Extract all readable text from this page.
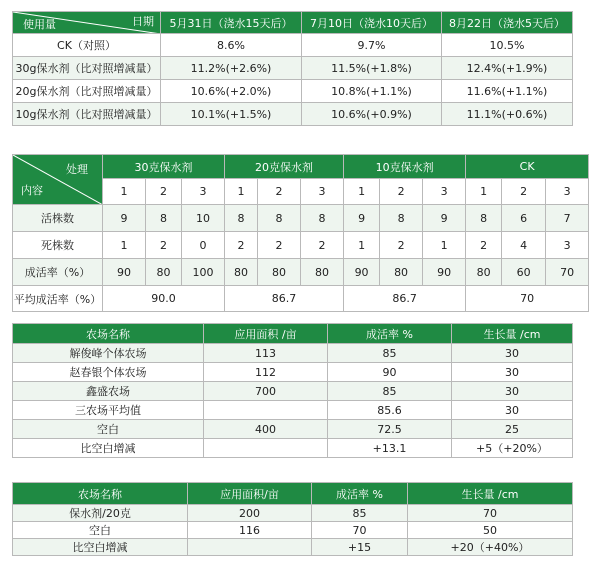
日期
使用量	5月31日（浇水15天后）	7月10日（浇水10天后）	8月22日（浇水5天后）
CK（对照）	8.6%	9.7%	10.5%
30g保水剂（比对照增减量）	11.2%(+2.6%)	11.5%(+1.8%)	12.4%(+1.9%)
20g保水剂（比对照增减量）	10.6%(+2.0%)	10.8%(+1.1%)	11.6%(+1.1%)
10g保水剂（比对照增减量）	10.1%(+1.5%)	10.6%(+0.9%)	11.1%(+0.6%)
处理
内容	30克保水剂			20克保水剂			10克保水剂			CK		
	1	2	3	1	2	3	1	2	3	1	2	3
活株数	9	8	10	8	8	8	9	8	9	8	6	7
死株数	1	2	0	2	2	2	1	2	1	2	4	3
成活率（%）	90	80	100	80	80	80	90	80	90	80	60	70
平均成活率（%）	90.0			86.7			86.7			70		
农场名称	应用面积 /亩	成活率 %	生长量 /cm
解俊峰个体农场	113	85	30
赵春银个体农场	112	90	30
鑫盛农场	700	85	30
三农场平均值		85.6	30
空白	400	72.5	25
比空白增减		+13.1	+5（+20%）
农场名称	应用面积/亩	成活率 %	生长量 /cm
保水剂/20克	200	85	70
空白	116	70	50
比空白增减		+15	+20（+40%）
